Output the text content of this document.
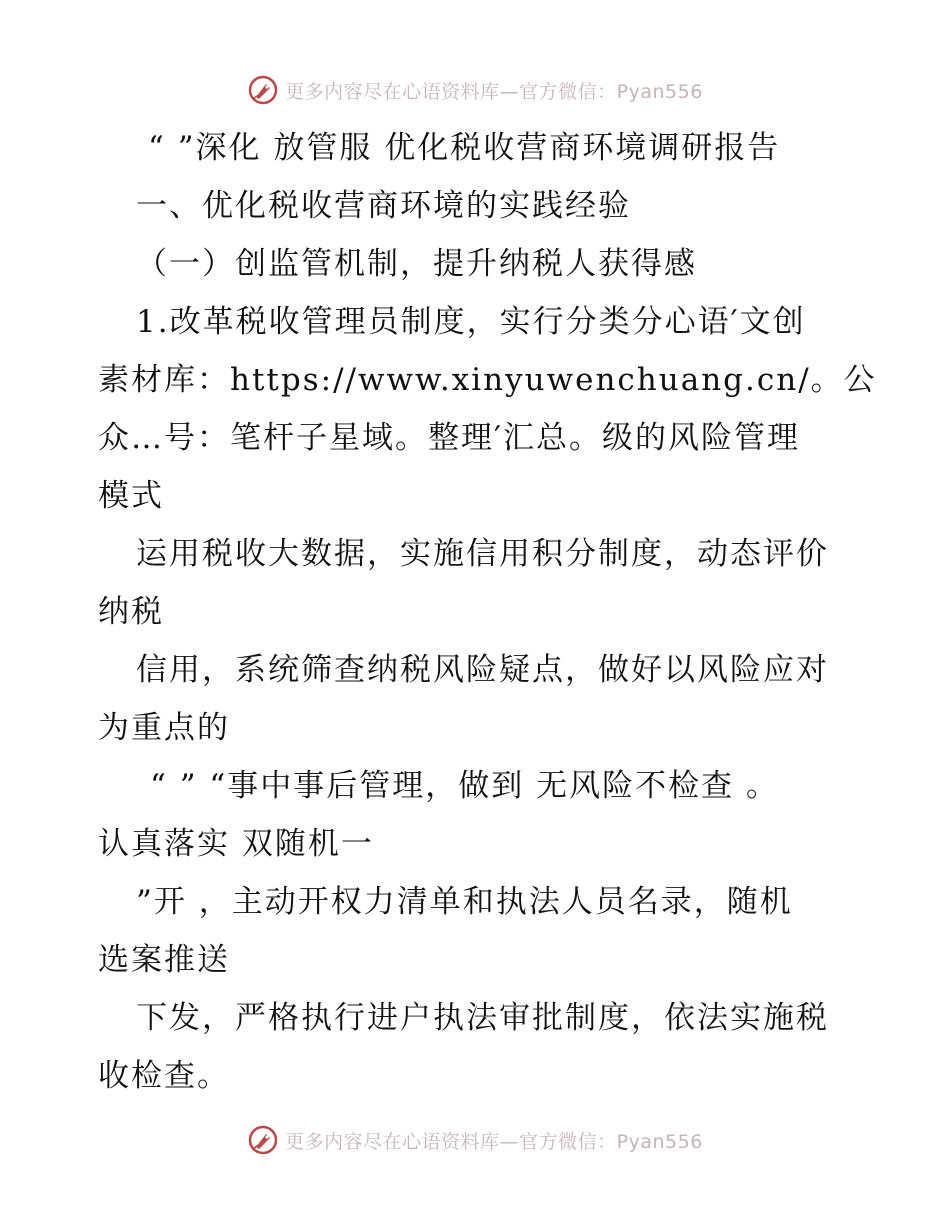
更多内容尽在心语资料库—官方微信：Pyan556
“ ”深化 放管服 优化税收营商环境调研报告
一、优化税收营商环境的实践经验
（一）创监管机制，提升纳税人获得感
1.改革税收管理员制度，实行分类分心语′文创
素材库：https://www.xinyuwenchuang.cn/。公
众…号：笔杆子星域。整理′汇总。级的风险管理
模式
运用税收大数据，实施信用积分制度，动态评价
纳税
信用，系统筛查纳税风险疑点，做好以风险应对
为重点的
“ ” “事中事后管理，做到 无风险不检查 。
认真落实 双随机一
”开 ，主动开权力清单和执法人员名录，随机
选案推送
下发，严格执行进户执法审批制度，依法实施税
收检查。
更多内容尽在心语资料库—官方微信：Pyan556
